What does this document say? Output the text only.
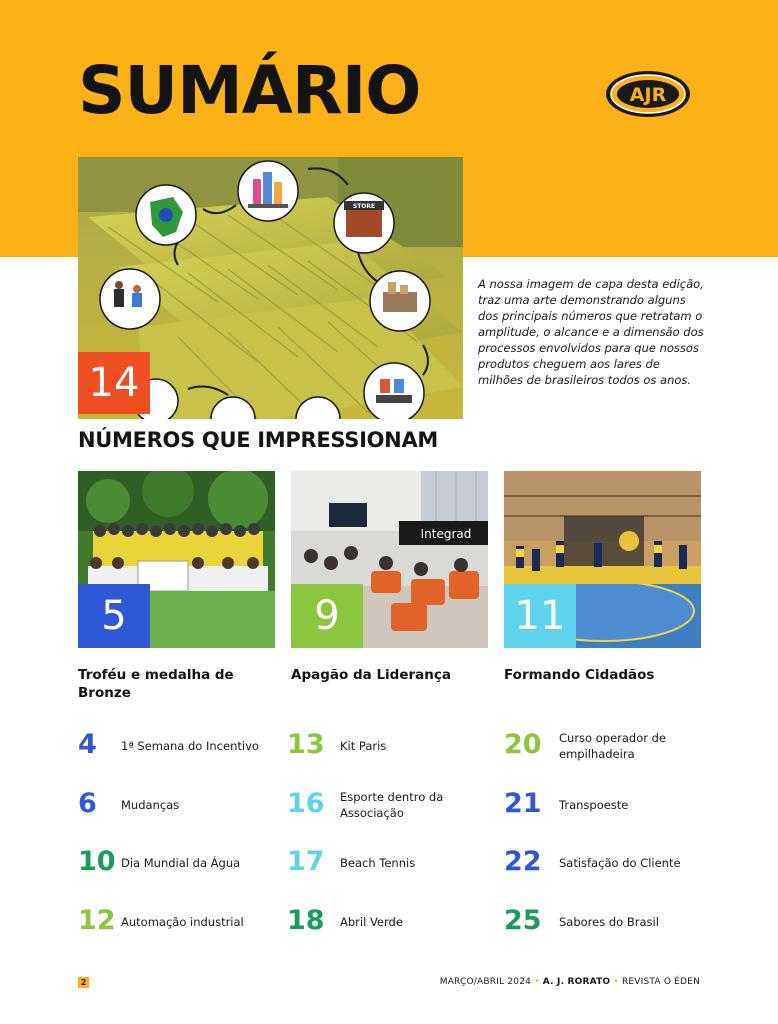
SUMÁRIO	AJR
STORE
14

A nossa imagem de capa desta edição, traz uma arte demonstrando alguns dos principais números que retratam o amplitude, o alcance e a dimensão dos processos envolvidos para que nossos produtos cheguem aos lares de milhões de brasileiros todos os anos.

NÚMEROS QUE IMPRESSIONAM
5
Integrad
9	11
Troféu e medalha de Bronze
Apagão da Liderança	Formando Cidadãos
4 1ª Semana do Incentivo
6 Mudanças
10 Dia Mundial da Água
12 Automação industrial
13 Kit Paris
16 Esporte dentro da Associação
17 Beach Tennis
18 Abril Verde
20 Curso operador de empilhadeira
21 Transpoeste
22 Satisfação do Cliente
25 Sabores do Brasil
2	MARÇO/ABRIL 2024 • A. J. RORATO • REVISTA O ÉDEN
